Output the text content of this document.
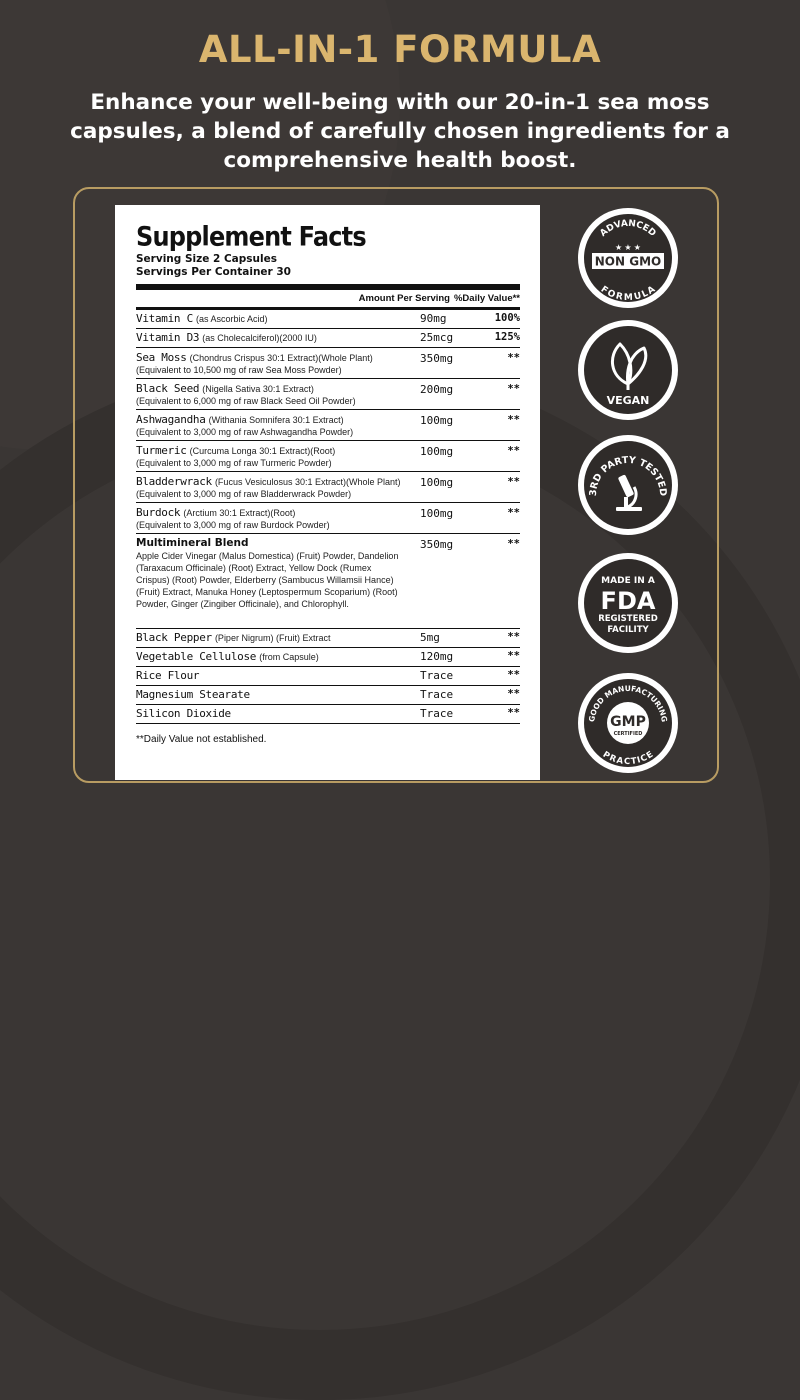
ALL-IN-1 FORMULA
Enhance your well-being with our 20-in-1 sea moss capsules, a blend of carefully chosen ingredients for a comprehensive health boost.
Supplement Facts
Serving Size 2 Capsules
Servings Per Container 30
Amount Per Serving %Daily Value**
Vitamin C (as Ascorbic Acid)	90mg	100%
Vitamin D3 (as Cholecalciferol)(2000 IU)	25mcg	125%
Sea Moss (Chondrus Crispus 30:1 Extract)(Whole Plant)
(Equivalent to 10,500 mg of raw Sea Moss Powder)
350mg	**
Black Seed (Nigella Sativa 30:1 Extract)
(Equivalent to 6,000 mg of raw Black Seed Oil Powder)
200mg	**
Ashwagandha (Withania Somnifera 30:1 Extract)
(Equivalent to 3,000 mg of raw Ashwagandha Powder)
100mg	**
Turmeric (Curcuma Longa 30:1 Extract)(Root)
(Equivalent to 3,000 mg of raw Turmeric Powder)
100mg	**
Bladderwrack (Fucus Vesiculosus 30:1 Extract)(Whole Plant)
(Equivalent to 3,000 mg of raw Bladderwrack Powder)
100mg	**
Burdock (Arctium 30:1 Extract)(Root)
(Equivalent to 3,000 mg of raw Burdock Powder)
100mg	**
Multimineral Blend
Apple Cider Vinegar (Malus Domestica) (Fruit) Powder, Dandelion (Taraxacum Officinale) (Root) Extract, Yellow Dock (Rumex Crispus) (Root) Powder, Elderberry (Sambucus Willamsii Hance) (Fruit) Extract, Manuka Honey (Leptospermum Scoparium) (Root) Powder, Ginger (Zingiber Officinale), and Chlorophyll.
350mg	**
Black Pepper (Piper Nigrum) (Fruit) Extract	5mg	**
Vegetable Cellulose (from Capsule)	120mg	**
Rice Flour	Trace	**
Magnesium Stearate	Trace	**
Silicon Dioxide	Trace	**
**Daily Value not established.
ADVANCED
FORMULA
★ ★ ★
NON GMO
VEGAN
3RD PARTY TESTED
MADE IN A
FDA
REGISTERED
FACILITY
GOOD MANUFACTURING
PRACTICE
GMP
CERTIFIED
